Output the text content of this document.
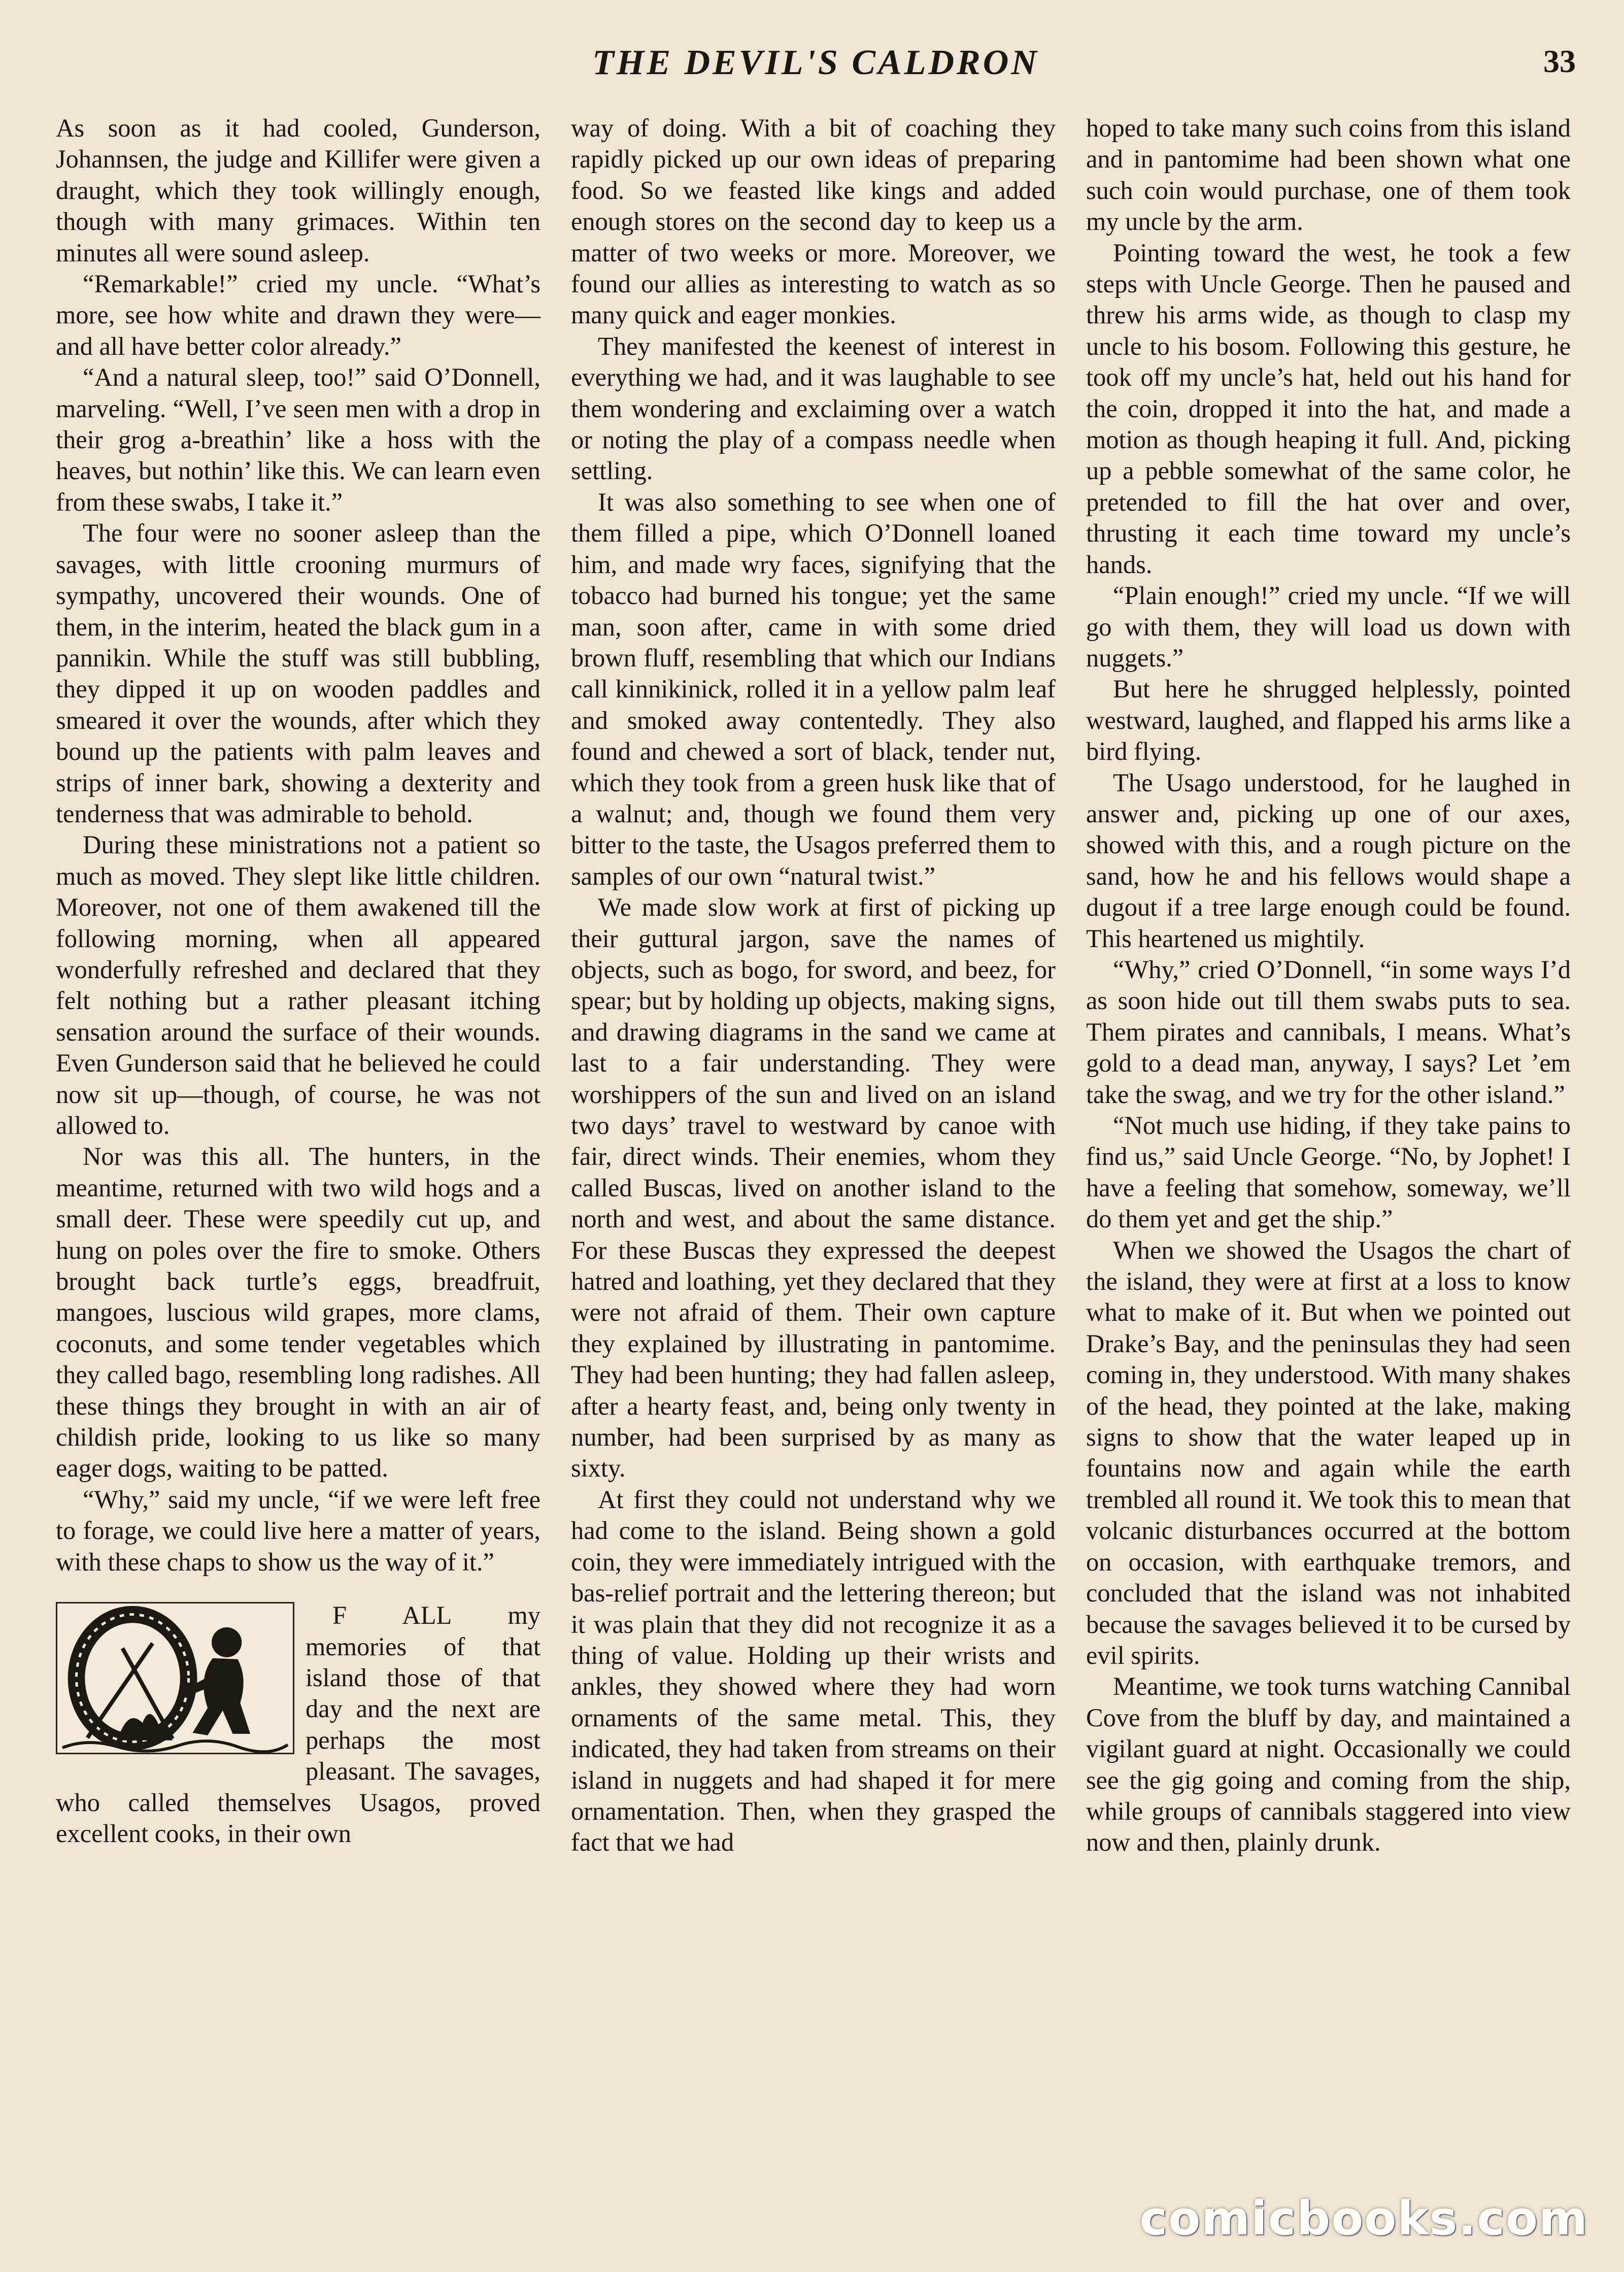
THE DEVIL'S CALDRON	33

As soon as it had cooled, Gunderson, Johannsen, the judge and Killifer were given a draught, which they took willingly enough, though with many grimaces. Within ten minutes all were sound asleep.

“Remarkable!” cried my uncle. “What’s more, see how white and drawn they were—and all have better color already.”

“And a natural sleep, too!” said O’Donnell, marveling. “Well, I’ve seen men with a drop in their grog a-breathin’ like a hoss with the heaves, but nothin’ like this. We can learn even from these swabs, I take it.”

The four were no sooner asleep than the savages, with little crooning murmurs of sympathy, uncovered their wounds. One of them, in the interim, heated the black gum in a pannikin. While the stuff was still bubbling, they dipped it up on wooden paddles and smeared it over the wounds, after which they bound up the patients with palm leaves and strips of inner bark, showing a dexterity and tenderness that was admirable to behold.

During these ministrations not a patient so much as moved. They slept like little children. Moreover, not one of them awakened till the following morning, when all appeared wonderfully refreshed and declared that they felt nothing but a rather pleasant itching sensation around the surface of their wounds. Even Gunderson said that he believed he could now sit up—though, of course, he was not allowed to.

Nor was this all. The hunters, in the meantime, returned with two wild hogs and a small deer. These were speedily cut up, and hung on poles over the fire to smoke. Others brought back turtle’s eggs, breadfruit, mangoes, luscious wild grapes, more clams, coconuts, and some tender vegetables which they called bago, resembling long radishes. All these things they brought in with an air of childish pride, looking to us like so many eager dogs, waiting to be patted.

“Why,” said my uncle, “if we were left free to forage, we could live here a matter of years, with these chaps to show us the way of it.”

F ALL my memories of that island those of that day and the next are perhaps the most pleasant. The savages, who called themselves Usagos, proved excellent cooks, in their own

way of doing. With a bit of coaching they rapidly picked up our own ideas of preparing food. So we feasted like kings and added enough stores on the second day to keep us a matter of two weeks or more. Moreover, we found our allies as interesting to watch as so many quick and eager monkies.

They manifested the keenest of interest in everything we had, and it was laughable to see them wondering and exclaiming over a watch or noting the play of a compass needle when settling.

It was also something to see when one of them filled a pipe, which O’Donnell loaned him, and made wry faces, signifying that the tobacco had burned his tongue; yet the same man, soon after, came in with some dried brown fluff, resembling that which our Indians call kinnikinick, rolled it in a yellow palm leaf and smoked away contentedly. They also found and chewed a sort of black, tender nut, which they took from a green husk like that of a walnut; and, though we found them very bitter to the taste, the Usagos preferred them to samples of our own “natural twist.”

We made slow work at first of picking up their guttural jargon, save the names of objects, such as bogo, for sword, and beez, for spear; but by holding up objects, making signs, and drawing diagrams in the sand we came at last to a fair understanding. They were worshippers of the sun and lived on an island two days’ travel to westward by canoe with fair, direct winds. Their enemies, whom they called Buscas, lived on another island to the north and west, and about the same distance. For these Buscas they expressed the deepest hatred and loathing, yet they declared that they were not afraid of them. Their own capture they explained by illustrating in pantomime. They had been hunting; they had fallen asleep, after a hearty feast, and, being only twenty in number, had been surprised by as many as sixty.

At first they could not understand why we had come to the island. Being shown a gold coin, they were immediately intrigued with the bas-relief portrait and the lettering thereon; but it was plain that they did not recognize it as a thing of value. Holding up their wrists and ankles, they showed where they had worn ornaments of the same metal. This, they indicated, they had taken from streams on their island in nuggets and had shaped it for mere ornamentation. Then, when they grasped the fact that we had

hoped to take many such coins from this island and in pantomime had been shown what one such coin would purchase, one of them took my uncle by the arm.

Pointing toward the west, he took a few steps with Uncle George. Then he paused and threw his arms wide, as though to clasp my uncle to his bosom. Following this gesture, he took off my uncle’s hat, held out his hand for the coin, dropped it into the hat, and made a motion as though heaping it full. And, picking up a pebble somewhat of the same color, he pretended to fill the hat over and over, thrusting it each time toward my uncle’s hands.

“Plain enough!” cried my uncle. “If we will go with them, they will load us down with nuggets.”

But here he shrugged helplessly, pointed westward, laughed, and flapped his arms like a bird flying.

The Usago understood, for he laughed in answer and, picking up one of our axes, showed with this, and a rough picture on the sand, how he and his fellows would shape a dugout if a tree large enough could be found. This heartened us mightily.

“Why,” cried O’Donnell, “in some ways I’d as soon hide out till them swabs puts to sea. Them pirates and cannibals, I means. What’s gold to a dead man, anyway, I says? Let ’em take the swag, and we try for the other island.”

“Not much use hiding, if they take pains to find us,” said Uncle George. “No, by Jophet! I have a feeling that somehow, someway, we’ll do them yet and get the ship.”

When we showed the Usagos the chart of the island, they were at first at a loss to know what to make of it. But when we pointed out Drake’s Bay, and the peninsulas they had seen coming in, they understood. With many shakes of the head, they pointed at the lake, making signs to show that the water leaped up in fountains now and again while the earth trembled all round it. We took this to mean that volcanic disturbances occurred at the bottom on occasion, with earthquake tremors, and concluded that the island was not inhabited because the savages believed it to be cursed by evil spirits.

Meantime, we took turns watching Cannibal Cove from the bluff by day, and maintained a vigilant guard at night. Occasionally we could see the gig going and coming from the ship, while groups of cannibals staggered into view now and then, plainly drunk.

comicbooks.com
